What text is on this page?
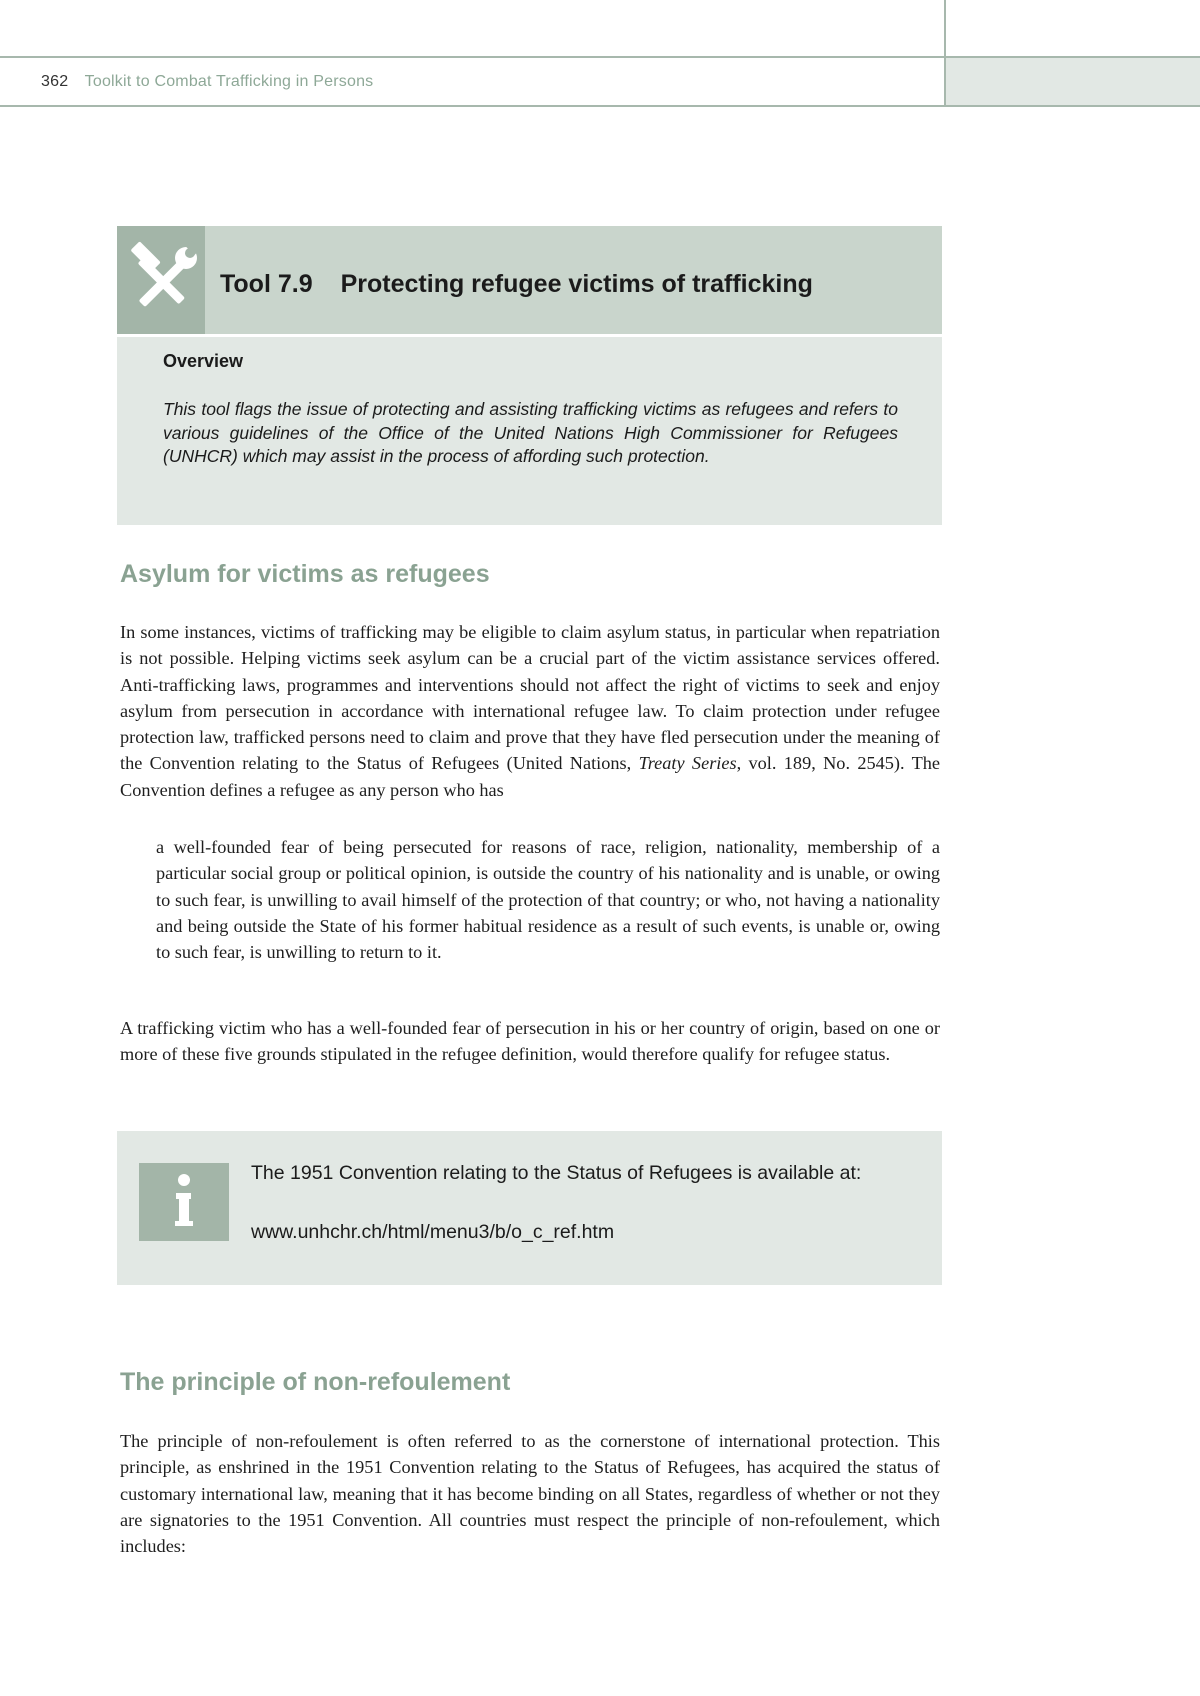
362 Toolkit to Combat Trafficking in Persons
Tool 7.9 Protecting refugee victims of trafficking
Overview

This tool flags the issue of protecting and assisting trafficking victims as refugees and refers to various guidelines of the Office of the United Nations High Commissioner for Refugees (UNHCR) which may assist in the process of affording such protection.

Asylum for victims as refugees

In some instances, victims of trafficking may be eligible to claim asylum status, in particular when repatriation is not possible. Helping victims seek asylum can be a crucial part of the victim assistance services offered. Anti-trafficking laws, programmes and interventions should not affect the right of victims to seek and enjoy asylum from persecution in accordance with international refugee law. To claim protection under refugee protection law, trafficked persons need to claim and prove that they have fled persecution under the meaning of the Convention relating to the Status of Refugees (United Nations, Treaty Series, vol. 189, No. 2545). The Convention defines a refugee as any person who has

a well-founded fear of being persecuted for reasons of race, religion, nationality, membership of a particular social group or political opinion, is outside the country of his nationality and is unable, or owing to such fear, is unwilling to avail himself of the protection of that country; or who, not having a nationality and being outside the State of his former habitual residence as a result of such events, is unable or, owing to such fear, is unwilling to return to it.

A trafficking victim who has a well-founded fear of persecution in his or her country of origin, based on one or more of these five grounds stipulated in the refugee definition, would therefore qualify for refugee status.

The 1951 Convention relating to the Status of Refugees is available at:

www.unhchr.ch/html/menu3/b/o_c_ref.htm
The principle of non-refoulement

The principle of non-refoulement is often referred to as the cornerstone of international protection. This principle, as enshrined in the 1951 Convention relating to the Status of Refugees, has acquired the status of customary international law, meaning that it has become binding on all States, regardless of whether or not they are signatories to the 1951 Convention. All countries must respect the principle of non-refoulement, which includes:
